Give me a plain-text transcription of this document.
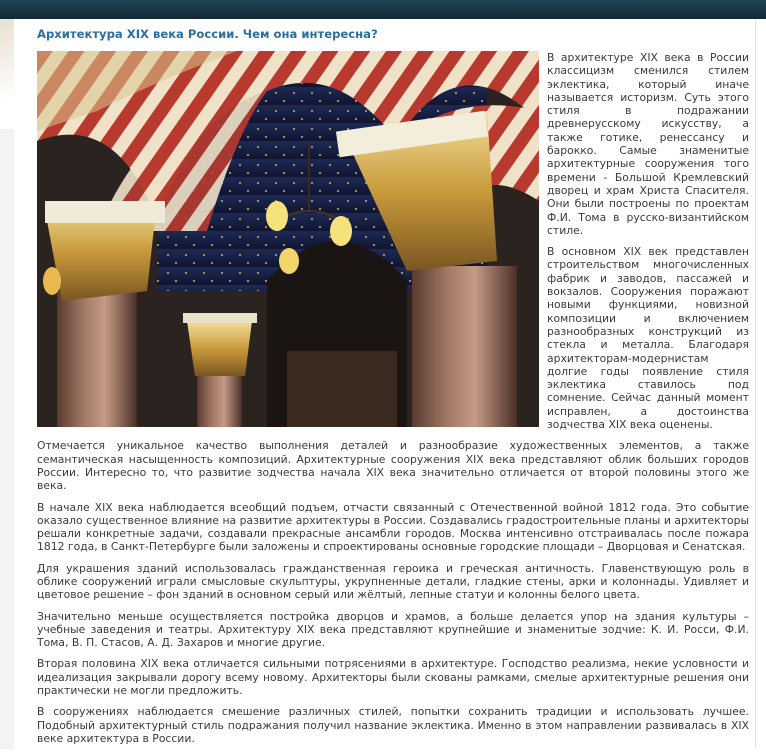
Архитектура XIX века России. Чем она интересна?

В архитектуре XIX века в России классицизм сменился стилем эклектика, который иначе называется историзм. Суть этого стиля в подражании древнерусскому искусству, а также готике, ренессансу и барокко. Самые знаменитые архитектурные сооружения того времени - Большой Кремлевский дворец и храм Христа Спасителя. Они были построены по проектам Ф.И. Тома в русско-византийском стиле.

В основном XIX век представлен строительством многочисленных фабрик и заводов, пассажей и вокзалов. Сооружения поражают новыми функциями, новизной композиции и включением разнообразных конструкций из стекла и металла. Благодаря архитекторам-модернистам долгие годы появление стиля эклектика ставилось под сомнение. Сейчас данный момент исправлен, а достоинства зодчества XIX века оценены.

Отмечается уникальное качество выполнения деталей и разнообразие художественных элементов, а также семантическая насыщенность композиций. Архитектурные сооружения XIX века представляют облик больших городов России. Интересно то, что развитие зодчества начала XIX века значительно отличается от второй половины этого же века.

В начале XIX века наблюдается всеобщий подъем, отчасти связанный с Отечественной войной 1812 года. Это событие оказало существенное влияние на развитие архитектуры в России. Создавались градостроительные планы и архитекторы решали конкретные задачи, создавали прекрасные ансамбли городов. Москва интенсивно отстраивалась после пожара 1812 года, в Санкт-Петербурге были заложены и спроектированы основные городские площади – Дворцовая и Сенатская.

Для украшения зданий использовалась гражданственная героика и греческая античность. Главенствующую роль в облике сооружений играли смысловые скульптуры, укрупненные детали, гладкие стены, арки и колоннады. Удивляет и цветовое решение – фон зданий в основном серый или жёлтый, лепные статуи и колонны белого цвета.

Значительно меньше осуществляется постройка дворцов и храмов, а больше делается упор на здания культуры – учебные заведения и театры. Архитектуру XIX века представляют крупнейшие и знаменитые зодчие: К. И. Росси, Ф.И. Тома, В. П. Стасов, А. Д. Захаров и многие другие.

Вторая половина XIX века отличается сильными потрясениями в архитектуре. Господство реализма, некие условности и идеализация закрывали дорогу всему новому. Архитекторы были скованы рамками, смелые архитектурные решения они практически не могли предложить.

В сооружениях наблюдается смешение различных стилей, попытки сохранить традиции и использовать лучшее. Подобный архитектурный стиль подражания получил название эклектика. Именно в этом направлении развивалась в XIX веке архитектура в России.
